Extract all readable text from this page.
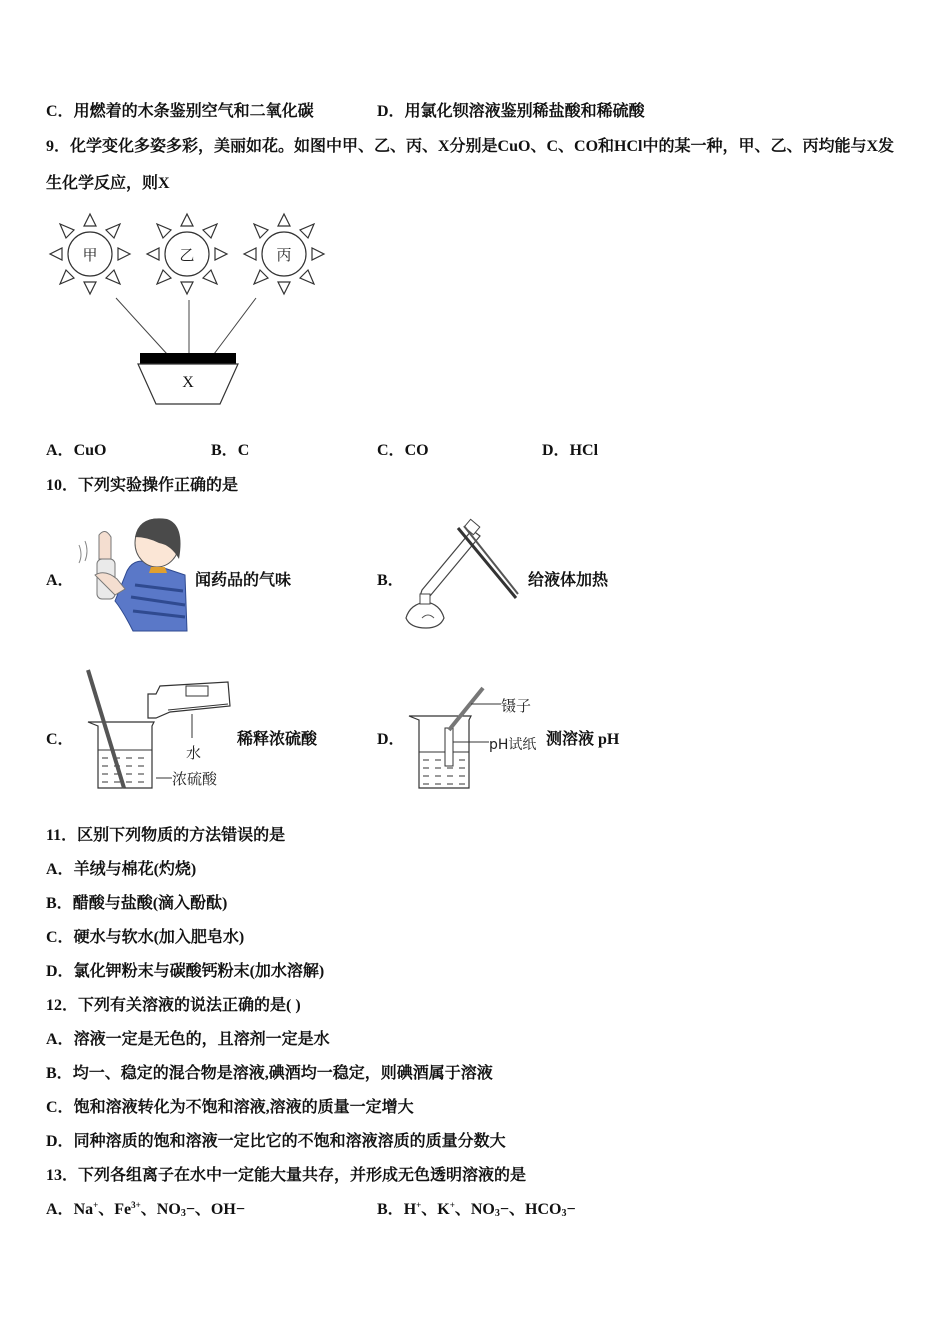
C．用燃着的木条鉴别空气和二氧化碳	D．用氯化钡溶液鉴别稀盐酸和稀硫酸
9．化学变化多姿多彩，美丽如花。如图中甲、乙、丙、X分别是CuO、C、CO和HCl中的某一种，甲、乙、丙均能与X发
生化学反应，则X
甲	乙	丙
X
A．CuO	B．C	C．CO	D．HCl
10．下列实验操作正确的是
A．	闻药品的气味	B．	给液体加热
C．
水
浓硫酸
稀释浓硫酸	D．
镊子
pH试纸 测溶液 pH
11．区别下列物质的方法错误的是
A．羊绒与棉花(灼烧)
B．醋酸与盐酸(滴入酚酞)
C．硬水与软水(加入肥皂水)
D．氯化钾粉末与碳酸钙粉末(加水溶解)
12．下列有关溶液的说法正确的是( )
A．溶液一定是无色的，且溶剂一定是水
B．均一、稳定的混合物是溶液,碘酒均一稳定，则碘酒属于溶液
C．饱和溶液转化为不饱和溶液,溶液的质量一定增大
D．同种溶质的饱和溶液一定比它的不饱和溶液溶质的质量分数大
13．下列各组离子在水中一定能大量共存，并形成无色透明溶液的是
A．Na+、$Fe^{3+}$、$NO_3-$、OH−	B．H+、K+、$NO_3-$、$HCO_3-$
